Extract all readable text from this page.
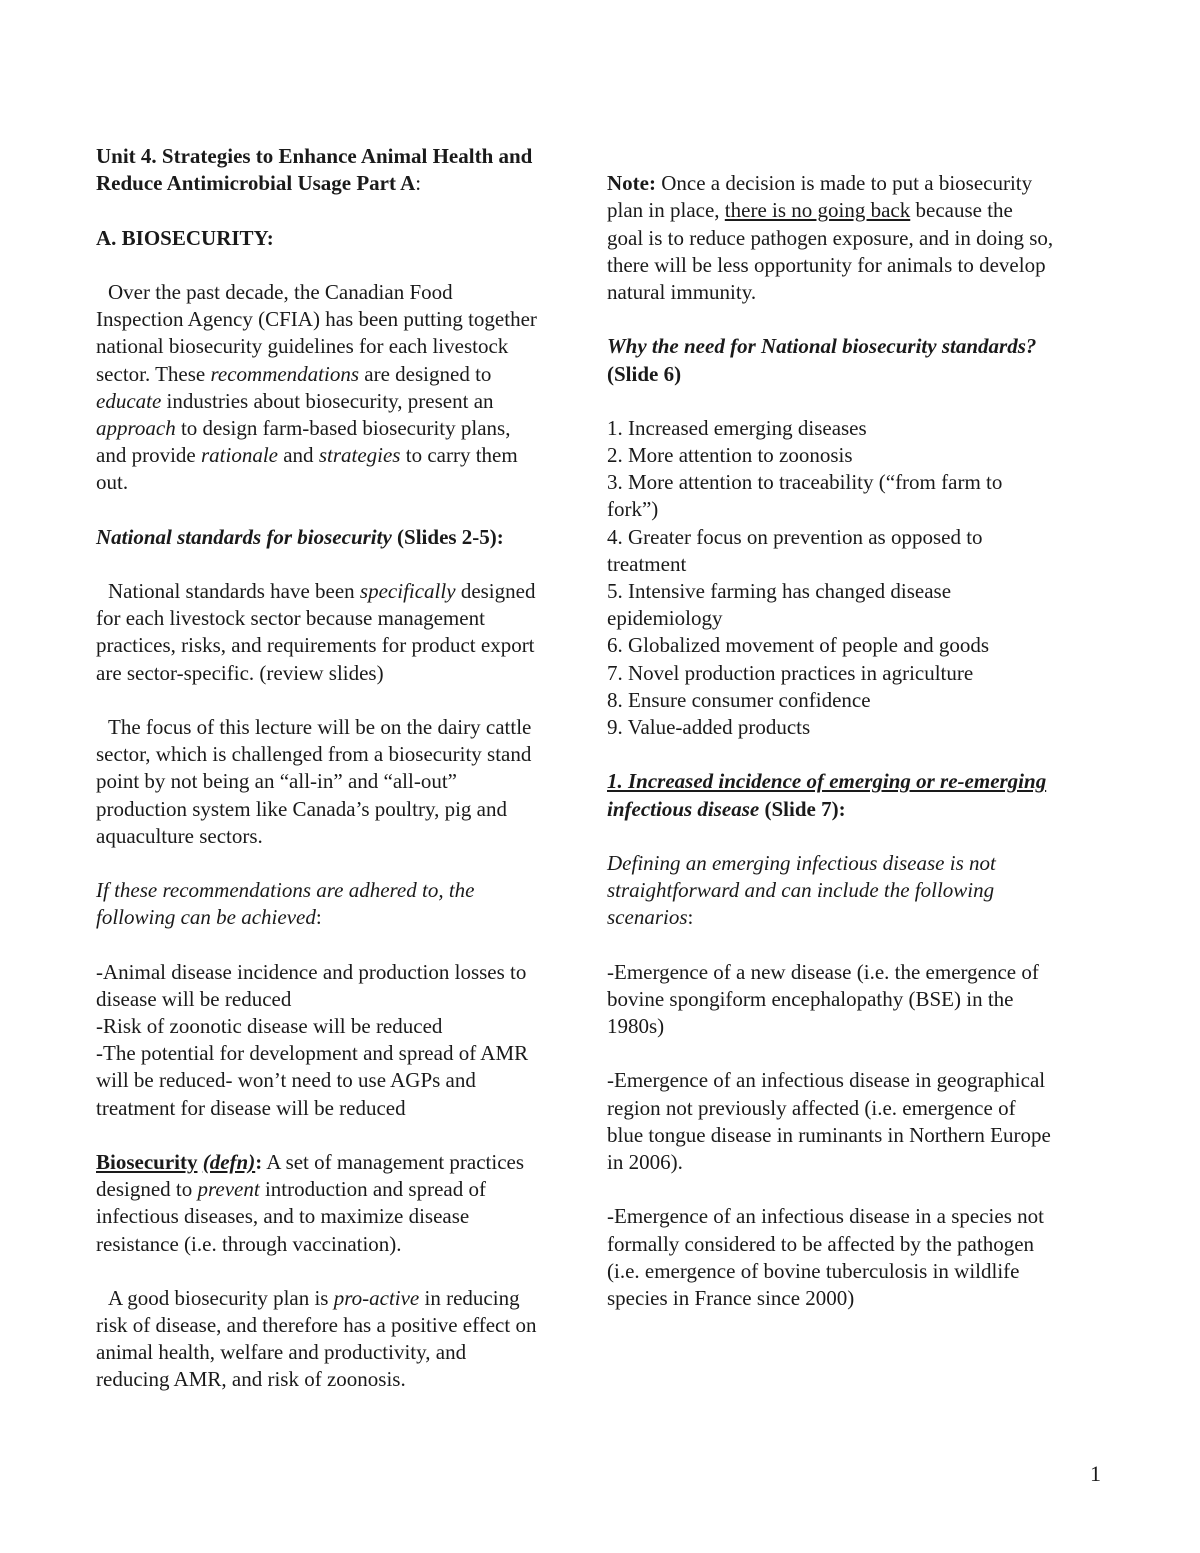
Unit 4. Strategies to Enhance Animal Health and
Reduce Antimicrobial Usage Part A:
A. BIOSECURITY:
Over the past decade, the Canadian Food
Inspection Agency (CFIA) has been putting together
national biosecurity guidelines for each livestock
sector. These recommendations are designed to
educate industries about biosecurity, present an
approach to design farm-based biosecurity plans,
and provide rationale and strategies to carry them
out.
National standards for biosecurity (Slides 2-5):
National standards have been specifically designed
for each livestock sector because management
practices, risks, and requirements for product export
are sector-specific. (review slides)
The focus of this lecture will be on the dairy cattle
sector, which is challenged from a biosecurity stand
point by not being an “all-in” and “all-out”
production system like Canada’s poultry, pig and
aquaculture sectors.
If these recommendations are adhered to, the
following can be achieved:
-Animal disease incidence and production losses to
disease will be reduced
-Risk of zoonotic disease will be reduced
-The potential for development and spread of AMR
will be reduced- won’t need to use AGPs and
treatment for disease will be reduced
Biosecurity (defn): A set of management practices
designed to prevent introduction and spread of
infectious diseases, and to maximize disease
resistance (i.e. through vaccination).
A good biosecurity plan is pro-active in reducing
risk of disease, and therefore has a positive effect on
animal health, welfare and productivity, and
reducing AMR, and risk of zoonosis.
Note: Once a decision is made to put a biosecurity
plan in place, there is no going back because the
goal is to reduce pathogen exposure, and in doing so,
there will be less opportunity for animals to develop
natural immunity.
Why the need for National biosecurity standards?
(Slide 6)
1. Increased emerging diseases
2. More attention to zoonosis
3. More attention to traceability (“from farm to
fork”)
4. Greater focus on prevention as opposed to
treatment
5. Intensive farming has changed disease
epidemiology
6. Globalized movement of people and goods
7. Novel production practices in agriculture
8. Ensure consumer confidence
9. Value-added products
1. Increased incidence of emerging or re-emerging
infectious disease (Slide 7):
Defining an emerging infectious disease is not
straightforward and can include the following
scenarios:
-Emergence of a new disease (i.e. the emergence of
bovine spongiform encephalopathy (BSE) in the
1980s)
-Emergence of an infectious disease in geographical
region not previously affected (i.e. emergence of
blue tongue disease in ruminants in Northern Europe
in 2006).
-Emergence of an infectious disease in a species not
formally considered to be affected by the pathogen
(i.e. emergence of bovine tuberculosis in wildlife
species in France since 2000)
1
